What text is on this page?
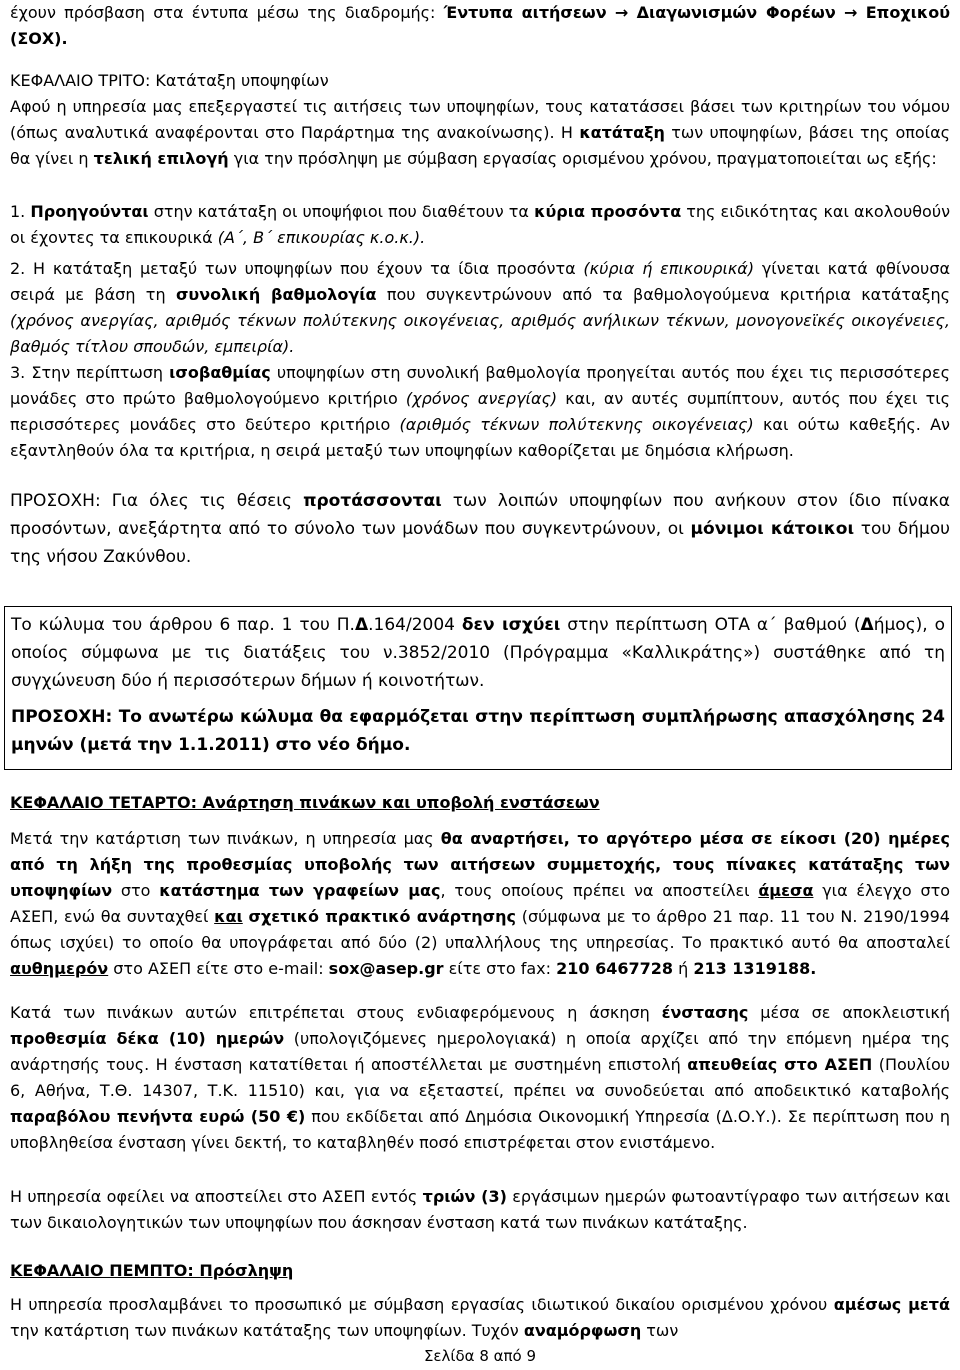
έχουν πρόσβαση στα έντυπα μέσω της διαδρομής: Έντυπα αιτήσεων → Διαγωνισμών Φορέων → Εποχικού (ΣΟΧ).

ΚΕΦΑΛΑΙΟ ΤΡΙΤΟ: Κατάταξη υποψηφίων

Αφού η υπηρεσία μας επεξεργαστεί τις αιτήσεις των υποψηφίων, τους κατατάσσει βάσει των κριτηρίων του νόμου (όπως αναλυτικά αναφέρονται στο Παράρτημα της ανακοίνωσης). Η κατάταξη των υποψηφίων, βάσει της οποίας θα γίνει η τελική επιλογή για την πρόσληψη με σύμβαση εργασίας ορισμένου χρόνου, πραγματοποιείται ως εξής:

1. Προηγούνται στην κατάταξη οι υποψήφιοι που διαθέτουν τα κύρια προσόντα της ειδικότητας και ακολουθούν οι έχοντες τα επικουρικά (Α΄, Β΄ επικουρίας κ.ο.κ.).

2. Η κατάταξη μεταξύ των υποψηφίων που έχουν τα ίδια προσόντα (κύρια ή επικουρικά) γίνεται κατά φθίνουσα σειρά με βάση τη συνολική βαθμολογία που συγκεντρώνουν από τα βαθμολογούμενα κριτήρια κατάταξης (χρόνος ανεργίας, αριθμός τέκνων πολύτεκνης οικογένειας, αριθμός ανήλικων τέκνων, μονογονεϊκές οικογένειες, βαθμός τίτλου σπουδών, εμπειρία).

3. Στην περίπτωση ισοβαθμίας υποψηφίων στη συνολική βαθμολογία προηγείται αυτός που έχει τις περισσότερες μονάδες στο πρώτο βαθμολογούμενο κριτήριο (χρόνος ανεργίας) και, αν αυτές συμπίπτουν, αυτός που έχει τις περισσότερες μονάδες στο δεύτερο κριτήριο (αριθμός τέκνων πολύτεκνης οικογένειας) και ούτω καθεξής. Αν εξαντληθούν όλα τα κριτήρια, η σειρά μεταξύ των υποψηφίων καθορίζεται με δημόσια κλήρωση.

ΠΡΟΣΟΧΗ: Για όλες τις θέσεις προτάσσονται των λοιπών υποψηφίων που ανήκουν στον ίδιο πίνακα προσόντων, ανεξάρτητα από το σύνολο των μονάδων που συγκεντρώνουν, οι μόνιμοι κάτοικοι του δήμου της νήσου Ζακύνθου.

Το κώλυμα του άρθρου 6 παρ. 1 του Π.Δ.164/2004 δεν ισχύει στην περίπτωση ΟΤΑ α΄ βαθμού (Δήμος), ο οποίος σύμφωνα με τις διατάξεις του ν.3852/2010 (Πρόγραμμα «Καλλικράτης») συστάθηκε από τη συγχώνευση δύο ή περισσότερων δήμων ή κοινοτήτων.

ΠΡΟΣΟΧΗ: Το ανωτέρω κώλυμα θα εφαρμόζεται στην περίπτωση συμπλήρωσης απασχόλησης 24 μηνών (μετά την 1.1.2011) στο νέο δήμο.

ΚΕΦΑΛΑΙΟ ΤΕΤΑΡΤΟ: Ανάρτηση πινάκων και υποβολή ενστάσεων

Μετά την κατάρτιση των πινάκων, η υπηρεσία μας θα αναρτήσει, το αργότερο μέσα σε είκοσι (20) ημέρες από τη λήξη της προθεσμίας υποβολής των αιτήσεων συμμετοχής, τους πίνακες κατάταξης των υποψηφίων στο κατάστημα των γραφείων μας, τους οποίους πρέπει να αποστείλει άμεσα για έλεγχο στο ΑΣΕΠ, ενώ θα συνταχθεί και σχετικό πρακτικό ανάρτησης (σύμφωνα με το άρθρο 21 παρ. 11 του Ν. 2190/1994 όπως ισχύει) το οποίο θα υπογράφεται από δύο (2) υπαλλήλους της υπηρεσίας. Το πρακτικό αυτό θα αποσταλεί αυθημερόν στο ΑΣΕΠ είτε στο e-mail: sox@asep.gr είτε στο fax: 210 6467728 ή 213 1319188.

Κατά των πινάκων αυτών επιτρέπεται στους ενδιαφερόμενους η άσκηση ένστασης μέσα σε αποκλειστική προθεσμία δέκα (10) ημερών (υπολογιζόμενες ημερολογιακά) η οποία αρχίζει από την επόμενη ημέρα της ανάρτησής τους. Η ένσταση κατατίθεται ή αποστέλλεται με συστημένη επιστολή απευθείας στο ΑΣΕΠ (Πουλίου 6, Αθήνα, Τ.Θ. 14307, Τ.Κ. 11510) και, για να εξεταστεί, πρέπει να συνοδεύεται από αποδεικτικό καταβολής παραβόλου πενήντα ευρώ (50 €) που εκδίδεται από Δημόσια Οικονομική Υπηρεσία (Δ.Ο.Υ.). Σε περίπτωση που η υποβληθείσα ένσταση γίνει δεκτή, το καταβληθέν ποσό επιστρέφεται στον ενιστάμενο.

Η υπηρεσία οφείλει να αποστείλει στο ΑΣΕΠ εντός τριών (3) εργάσιμων ημερών φωτοαντίγραφο των αιτήσεων και των δικαιολογητικών των υποψηφίων που άσκησαν ένσταση κατά των πινάκων κατάταξης.

ΚΕΦΑΛΑΙΟ ΠΕΜΠΤΟ: Πρόσληψη

Η υπηρεσία προσλαμβάνει το προσωπικό με σύμβαση εργασίας ιδιωτικού δικαίου ορισμένου χρόνου αμέσως μετά την κατάρτιση των πινάκων κατάταξης των υποψηφίων. Τυχόν αναμόρφωση των

Σελίδα 8 από 9
